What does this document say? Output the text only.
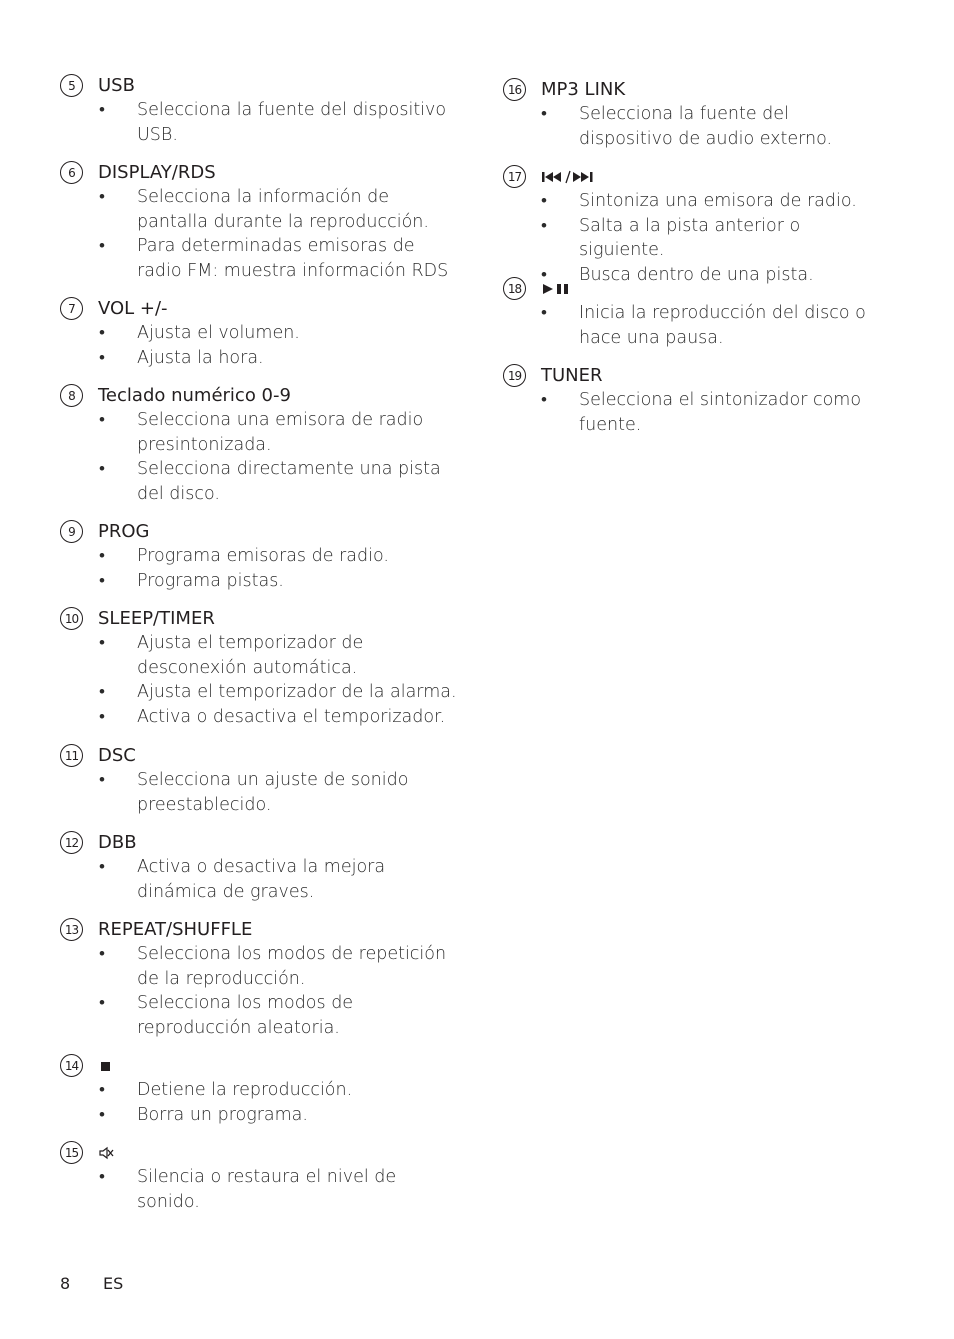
5	USB
• Selecciona la fuente del dispositivo USB.
6	DISPLAY/RDS
• Selecciona la información de pantalla durante la reproducción.
• Para determinadas emisoras de radio FM: muestra información RDS
7	VOL +/-
• Ajusta el volumen.
• Ajusta la hora.
8	Teclado numérico 0-9
• Selecciona una emisora de radio presintonizada.
• Selecciona directamente una pista del disco.
9	PROG
• Programa emisoras de radio.
• Programa pistas.
10 SLEEP/TIMER
• Ajusta el temporizador de desconexión automática.
• Ajusta el temporizador de la alarma.
• Activa o desactiva el temporizador.
11 DSC
• Selecciona un ajuste de sonido preestablecido.
12 DBB
• Activa o desactiva la mejora dinámica de graves.
13 REPEAT/SHUFFLE
• Selecciona los modos de repetición de la reproducción.
• Selecciona los modos de reproducción aleatoria.
14
• Detiene la reproducción.
• Borra un programa.
15
• Silencia o restaura el nivel de sonido.
16 MP3 LINK
• Selecciona la fuente del dispositivo de audio externo.
17
• Sintoniza una emisora de radio.
• Salta a la pista anterior o siguiente.
• Busca dentro de una pista.
18
• Inicia la reproducción del disco o hace una pausa.
19 TUNER
• Selecciona el sintonizador como fuente.
8 ES
